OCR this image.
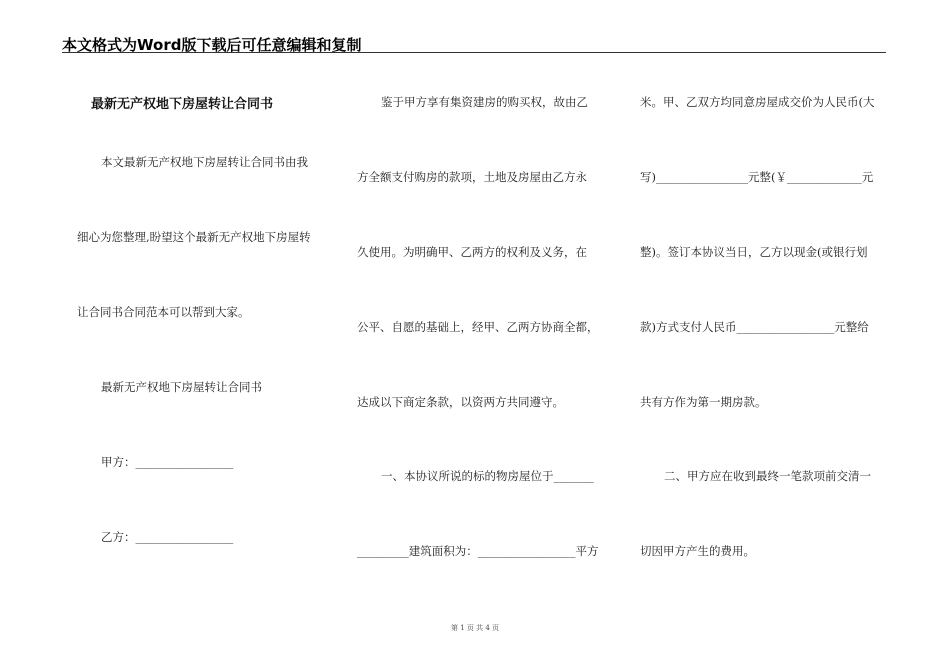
本文格式为Word版下载后可任意编辑和复制
最新无产权地下房屋转让合同书
本文最新无产权地下房屋转让合同书由我
细心为您整理,盼望这个最新无产权地下房屋转
让合同书合同范本可以帮到大家。
最新无产权地下房屋转让合同书
甲方：_________________
乙方：_________________
鉴于甲方享有集资建房的购买权，故由乙
方全额支付购房的款项，土地及房屋由乙方永
久使用。为明确甲、乙两方的权利及义务，在
公平、自愿的基础上，经甲、乙两方协商全都，
达成以下商定条款，以资两方共同遵守。
一、本协议所说的标的物房屋位于_______
_________建筑面积为：_________________平方
米。甲、乙双方均同意房屋成交价为人民币(大
写)________________元整(￥_____________元
整)。签订本协议当日，乙方以现金(或银行划
款)方式支付人民币_________________元整给
共有方作为第一期房款。
二、甲方应在收到最终一笔款项前交清一
切因甲方产生的费用。
第 1 页 共 4 页
